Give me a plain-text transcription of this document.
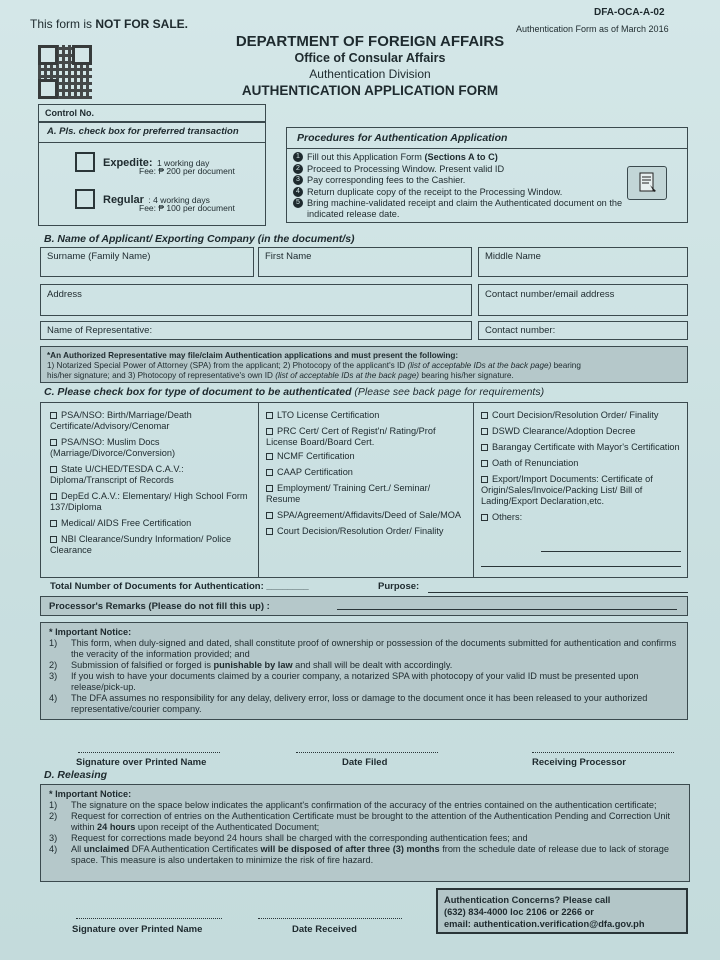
This form is NOT FOR SALE.
DFA-OCA-A-02
Authentication Form as of March 2016
DEPARTMENT OF FOREIGN AFFAIRS
Office of Consular Affairs
Authentication Division
AUTHENTICATION APPLICATION FORM
Control No.
A. Pls. check box for preferred transaction
Expedite: 1 working day
Fee: ₱ 200 per document
Regular : 4 working days
Fee: ₱ 100 per document
Procedures for Authentication Application
1 Fill out this Application Form (Sections A to C)
2 Proceed to Processing Window. Present valid ID
3 Pay corresponding fees to the Cashier.
4 Return duplicate copy of the receipt to the Processing Window.
5 Bring machine-validated receipt and claim the Authenticated document on the indicated release date.
B. Name of Applicant/ Exporting Company (in the document/s)
Surname (Family Name)	First Name	Middle Name
Address	Contact number/email address
Name of Representative:	Contact number:
*An Authorized Representative may file/claim Authentication applications and must present the following:
1) Notarized Special Power of Attorney (SPA) from the applicant; 2) Photocopy of the applicant's ID (list of acceptable IDs at the back page) bearing
his/her signature; and 3) Photocopy of representative's own ID (list of acceptable IDs at the back page) bearing his/her signature.
C. Please check box for type of document to be authenticated (Please see back page for requirements)
PSA/NSO: Birth/Marriage/Death Certificate/Advisory/Cenomar
PSA/NSO: Muslim Docs (Marriage/Divorce/Conversion)
State U/CHED/TESDA C.A.V.: Diploma/Transcript of Records
DepEd C.A.V.: Elementary/ High School Form 137/Diploma
Medical/ AIDS Free Certification
NBI Clearance/Sundry Information/ Police Clearance
LTO License Certification
PRC Cert/ Cert of Regist'n/ Rating/Prof License Board/Board Cert.
NCMF Certification
CAAP Certification
Employment/ Training Cert./ Seminar/ Resume
SPA/Agreement/Affidavits/Deed of Sale/MOA
Court Decision/Resolution Order/ Finality
Court Decision/Resolution Order/ Finality
DSWD Clearance/Adoption Decree
Barangay Certificate with Mayor's Certification
Oath of Renunciation
Export/Import Documents: Certificate of Origin/Sales/Invoice/Packing List/ Bill of Lading/Export Declaration,etc.
Others:
Total Number of Documents for Authentication: ________	Purpose:
Processor's Remarks (Please do not fill this up) :

* Important Notice:

1)	This form, when duly-signed and dated, shall constitute proof of ownership or possession of the documents submitted for authentication and confirms the veracity of the information provided; and

2)	Submission of falsified or forged is punishable by law and shall will be dealt with accordingly.

3)	If you wish to have your documents claimed by a courier company, a notarized SPA with photocopy of your valid ID must be presented upon release/pick-up.

4)	The DFA assumes no responsibility for any delay, delivery error, loss or damage to the document once it has been released to your authorized representative/courier company.

Signature over Printed Name	Date Filed	Receiving Processor
D. Releasing

* Important Notice:

1)	The signature on the space below indicates the applicant's confirmation of the accuracy of the entries contained on the authentication certificate;

2)	Request for correction of entries on the Authentication Certificate must be brought to the attention of the Authentication Pending and Correction Unit within 24 hours upon receipt of the Authenticated Document;

3)	Request for corrections made beyond 24 hours shall be charged with the corresponding authentication fees; and

4)	All unclaimed DFA Authentication Certificates will be disposed of after three (3) months from the schedule date of release due to lack of storage space. This measure is also undertaken to minimize the risk of fire hazard.

Signature over Printed Name	Date Received
Authentication Concerns? Please call
(632) 834-4000 loc 2106 or 2266 or
email: authentication.verification@dfa.gov.ph
